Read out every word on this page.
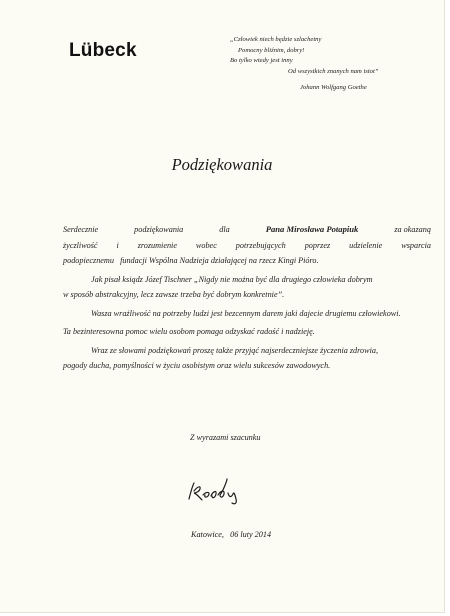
Lübeck
„Człowiek niech będzie szlachetny
Pomocny bliźnim, dobry!
Bo tylko wtedy jest inny
Od wszystkich znanych nam istot”
Johann Wolfgang Goethe
Podziękowania
Serdecznie	podziękowania	dla	Pana Mirosława Potapiuk	za okazaną
życzliwość i zrozumienie wobec potrzebujących poprzez udzielenie wsparcia
podopiecznemu   fundacji Wspólna Nadzieja działającej na rzecz Kingi Pióro.
Jak pisał ksiądz Józef Tischner „Nigdy nie można być dla drugiego człowieka dobrym
w sposób abstrakcyjny, lecz zawsze trzeba być dobrym konkretnie”.
Wasza wrażliwość na potrzeby ludzi jest bezcennym darem jaki dajecie drugiemu człowiekowi.
Ta bezinteresowna pomoc wielu osobom pomaga odzyskać radość i nadzieję.
Wraz ze słowami podziękowań proszę także przyjąć najserdeczniejsze życzenia zdrowia,
pogody ducha, pomyślności w życiu osobistym oraz wielu sukcesów zawodowych.
Z wyrazami szacunku
Katowice,   06 luty 2014
